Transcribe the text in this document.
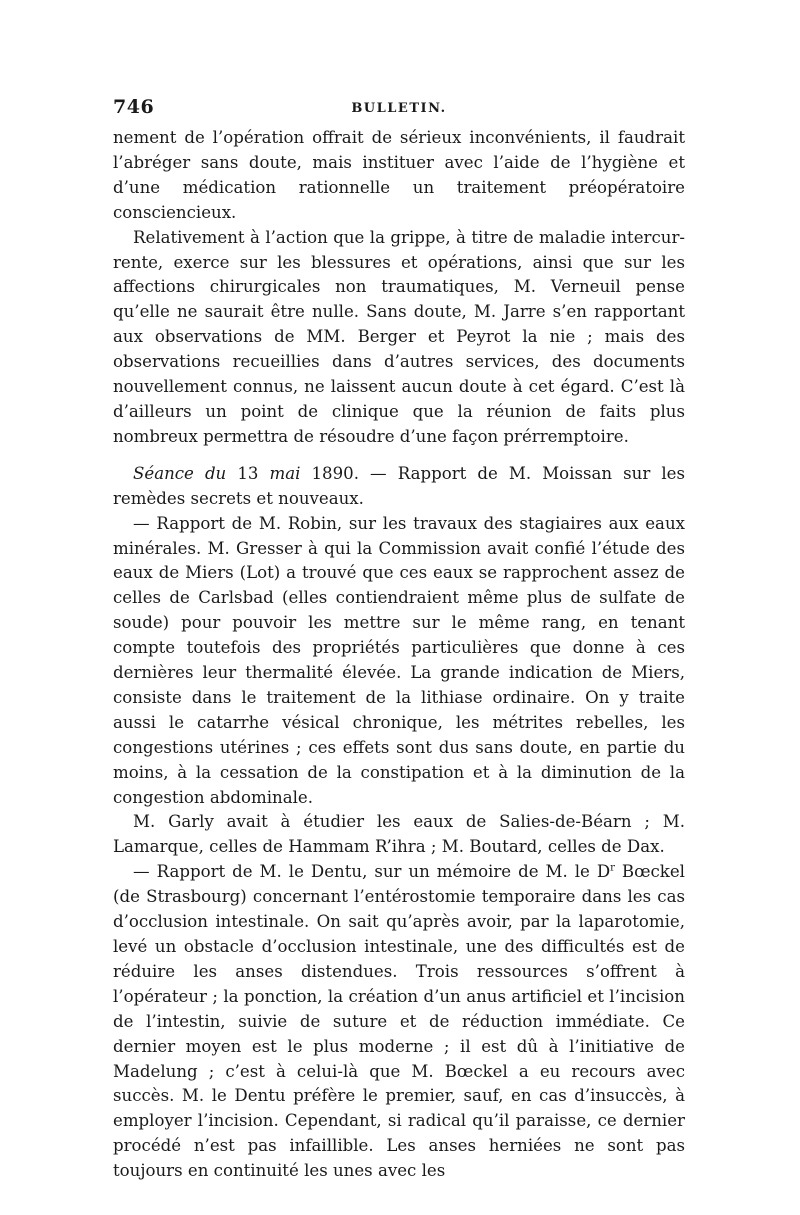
746	BULLETIN.

nement de l’opération offrait de sérieux inconvénients, il faudrait l’abréger sans doute, mais instituer avec l’aide de l’hygiène et d’une médication rationnelle un traitement préopératoire consciencieux.

Relativement à l’action que la grippe, à titre de maladie intercurrente, exerce sur les blessures et opérations, ainsi que sur les affections chirurgicales non traumatiques, M. Verneuil pense qu’elle ne saurait être nulle. Sans doute, M. Jarre s’en rapportant aux observations de MM. Berger et Peyrot la nie ; mais des observations recueillies dans d’autres services, des documents nouvellement connus, ne laissent aucun doute à cet égard. C’est là d’ailleurs un point de clinique que la réunion de faits plus nombreux permettra de résoudre d’une façon prérremptoire.

Séance du 13 mai 1890. — Rapport de M. Moissan sur les remèdes secrets et nouveaux.

— Rapport de M. Robin, sur les travaux des stagiaires aux eaux minérales. M. Gresser à qui la Commission avait confié l’étude des eaux de Miers (Lot) a trouvé que ces eaux se rapprochent assez de celles de Carlsbad (elles contiendraient même plus de sulfate de soude) pour pouvoir les mettre sur le même rang, en tenant compte toutefois des propriétés particulières que donne à ces dernières leur thermalité élevée. La grande indication de Miers, consiste dans le traitement de la lithiase ordinaire. On y traite aussi le catarrhe vésical chronique, les métrites rebelles, les congestions utérines ; ces effets sont dus sans doute, en partie du moins, à la cessation de la constipation et à la diminution de la congestion abdominale.

M. Garly avait à étudier les eaux de Salies-de-Béarn ; M. Lamarque, celles de Hammam R’ihra ; M. Boutard, celles de Dax.

— Rapport de M. le Dentu, sur un mémoire de M. le $D^r$ Bœckel (de Strasbourg) concernant l’entérostomie temporaire dans les cas d’occlusion intestinale. On sait qu’après avoir, par la laparotomie, levé un obstacle d’occlusion intestinale, une des difficultés est de réduire les anses distendues. Trois ressources s’offrent à l’opérateur ; la ponction, la création d’un anus artificiel et l’incision de l’intestin, suivie de suture et de réduction immédiate. Ce dernier moyen est le plus moderne ; il est dû à l’initiative de Madelung ; c’est à celui-là que M. Bœckel a eu recours avec succès. M. le Dentu préfère le premier, sauf, en cas d’insuccès, à employer l’incision. Cependant, si radical qu’il paraisse, ce dernier procédé n’est pas infaillible. Les anses herniées ne sont pas toujours en continuité les unes avec les
